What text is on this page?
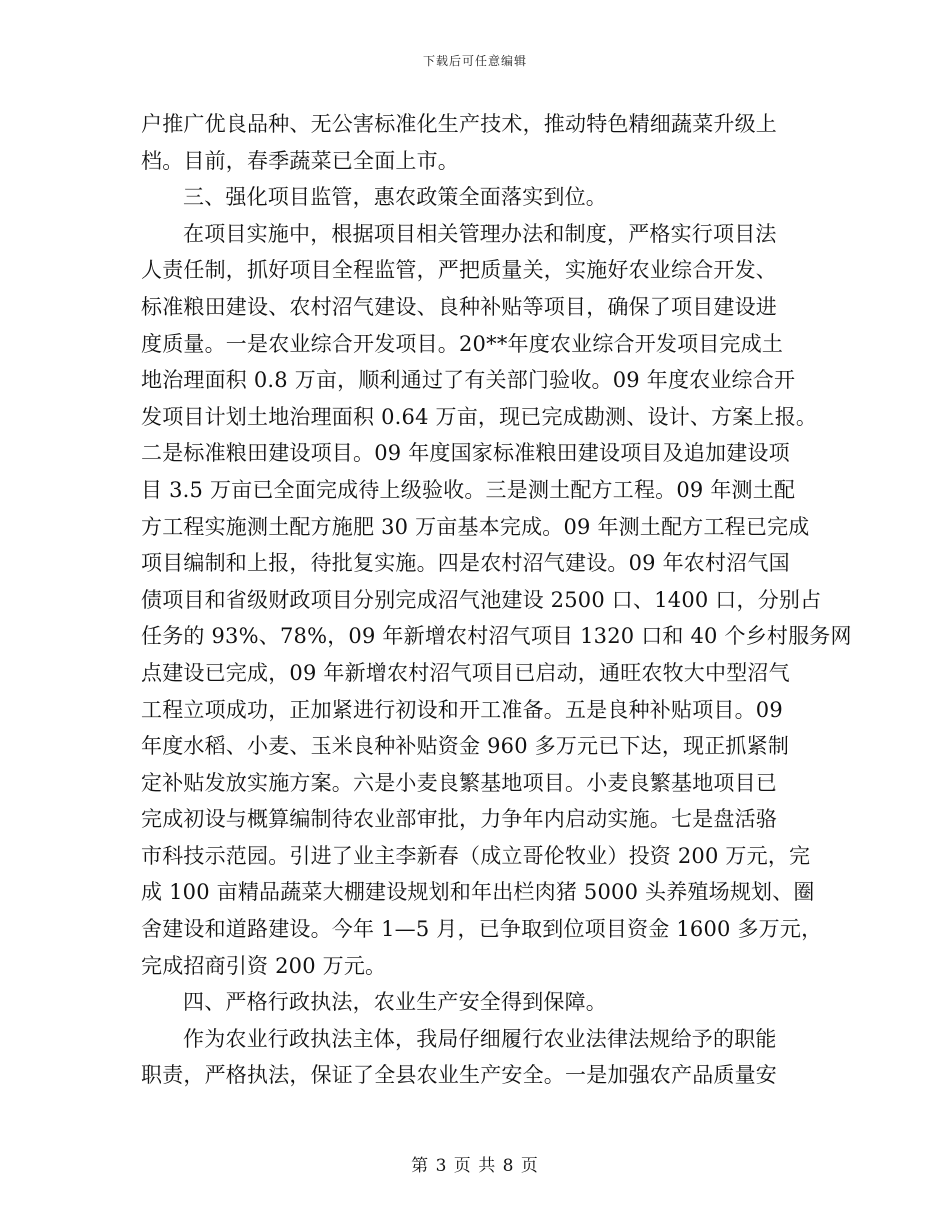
下载后可任意编辑
户推广优良品种、无公害标准化生产技术，推动特色精细蔬菜升级上
档。目前，春季蔬菜已全面上市。
三、强化项目监管，惠农政策全面落实到位。
在项目实施中，根据项目相关管理办法和制度，严格实行项目法
人责任制，抓好项目全程监管，严把质量关，实施好农业综合开发、
标准粮田建设、农村沼气建设、良种补贴等项目，确保了项目建设进
度质量。一是农业综合开发项目。20**年度农业综合开发项目完成土
地治理面积 0.8 万亩，顺利通过了有关部门验收。09 年度农业综合开
发项目计划土地治理面积 0.64 万亩，现已完成勘测、设计、方案上报。
二是标准粮田建设项目。09 年度国家标准粮田建设项目及追加建设项
目 3.5 万亩已全面完成待上级验收。三是测土配方工程。09 年测土配
方工程实施测土配方施肥 30 万亩基本完成。09 年测土配方工程已完成
项目编制和上报，待批复实施。四是农村沼气建设。09 年农村沼气国
债项目和省级财政项目分别完成沼气池建设 2500 口、1400 口，分别占
任务的 93%、78%，09 年新增农村沼气项目 1320 口和 40 个乡村服务网
点建设已完成，09 年新增农村沼气项目已启动，通旺农牧大中型沼气
工程立项成功，正加紧进行初设和开工准备。五是良种补贴项目。09
年度水稻、小麦、玉米良种补贴资金 960 多万元已下达，现正抓紧制
定补贴发放实施方案。六是小麦良繁基地项目。小麦良繁基地项目已
完成初设与概算编制待农业部审批，力争年内启动实施。七是盘活骆
市科技示范园。引进了业主李新春（成立哥伦牧业）投资 200 万元，完
成 100 亩精品蔬菜大棚建设规划和年出栏肉猪 5000 头养殖场规划、圈
舍建设和道路建设。今年 1—5 月，已争取到位项目资金 1600 多万元，
完成招商引资 200 万元。
四、严格行政执法，农业生产安全得到保障。
作为农业行政执法主体，我局仔细履行农业法律法规给予的职能
职责，严格执法，保证了全县农业生产安全。一是加强农产品质量安
第 3 页 共 8 页
